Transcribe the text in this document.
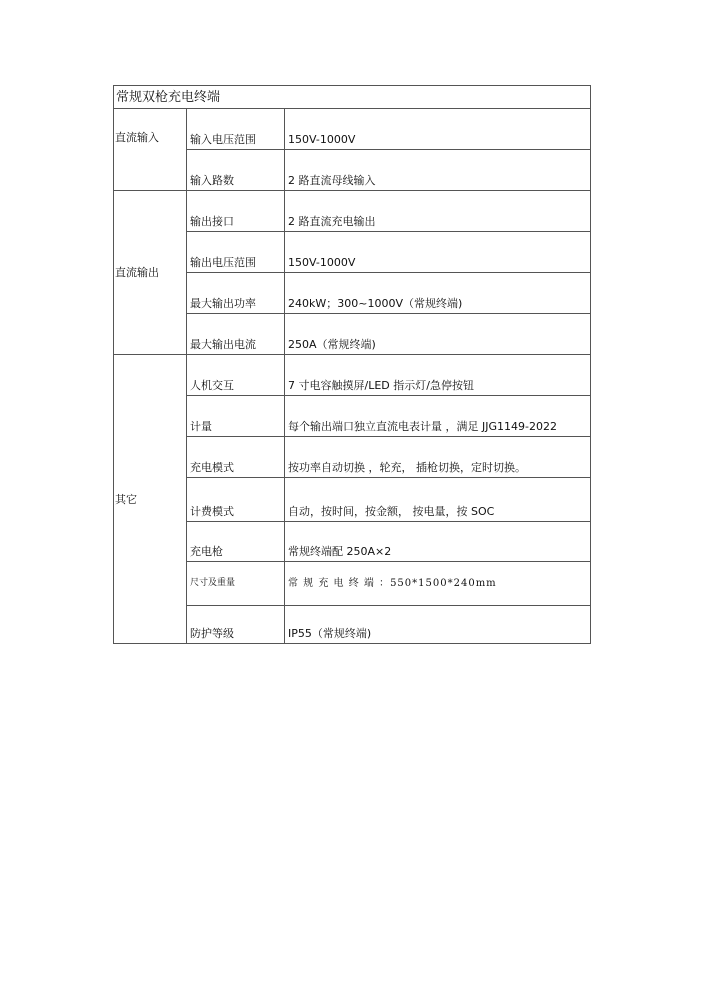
常规双枪充电终端		
直流输入	输入电压范围	150V-1000V
	输入路数	2 路直流母线输入
直流输出	输出接口	2 路直流充电输出
	输出电压范围	150V-1000V
	最大输出功率	240kW；300~1000V（常规终端)
	最大输出电流	250A（常规终端)
其它	人机交互	7 寸电容触摸屏/LED 指示灯/急停按钮
	计量	每个输出端口独立直流电表计量 ，满足 JJG1149-2022
	充电模式	按功率自动切换 ，轮充， 插枪切换，定时切换。
	计费模式	自动，按时间，按金额， 按电量，按 SOC
	充电枪	常规终端配 250A×2
	尺寸及重量	常 规 充 电 终 端 ：550*1500*240mm
	防护等级	IP55（常规终端)
